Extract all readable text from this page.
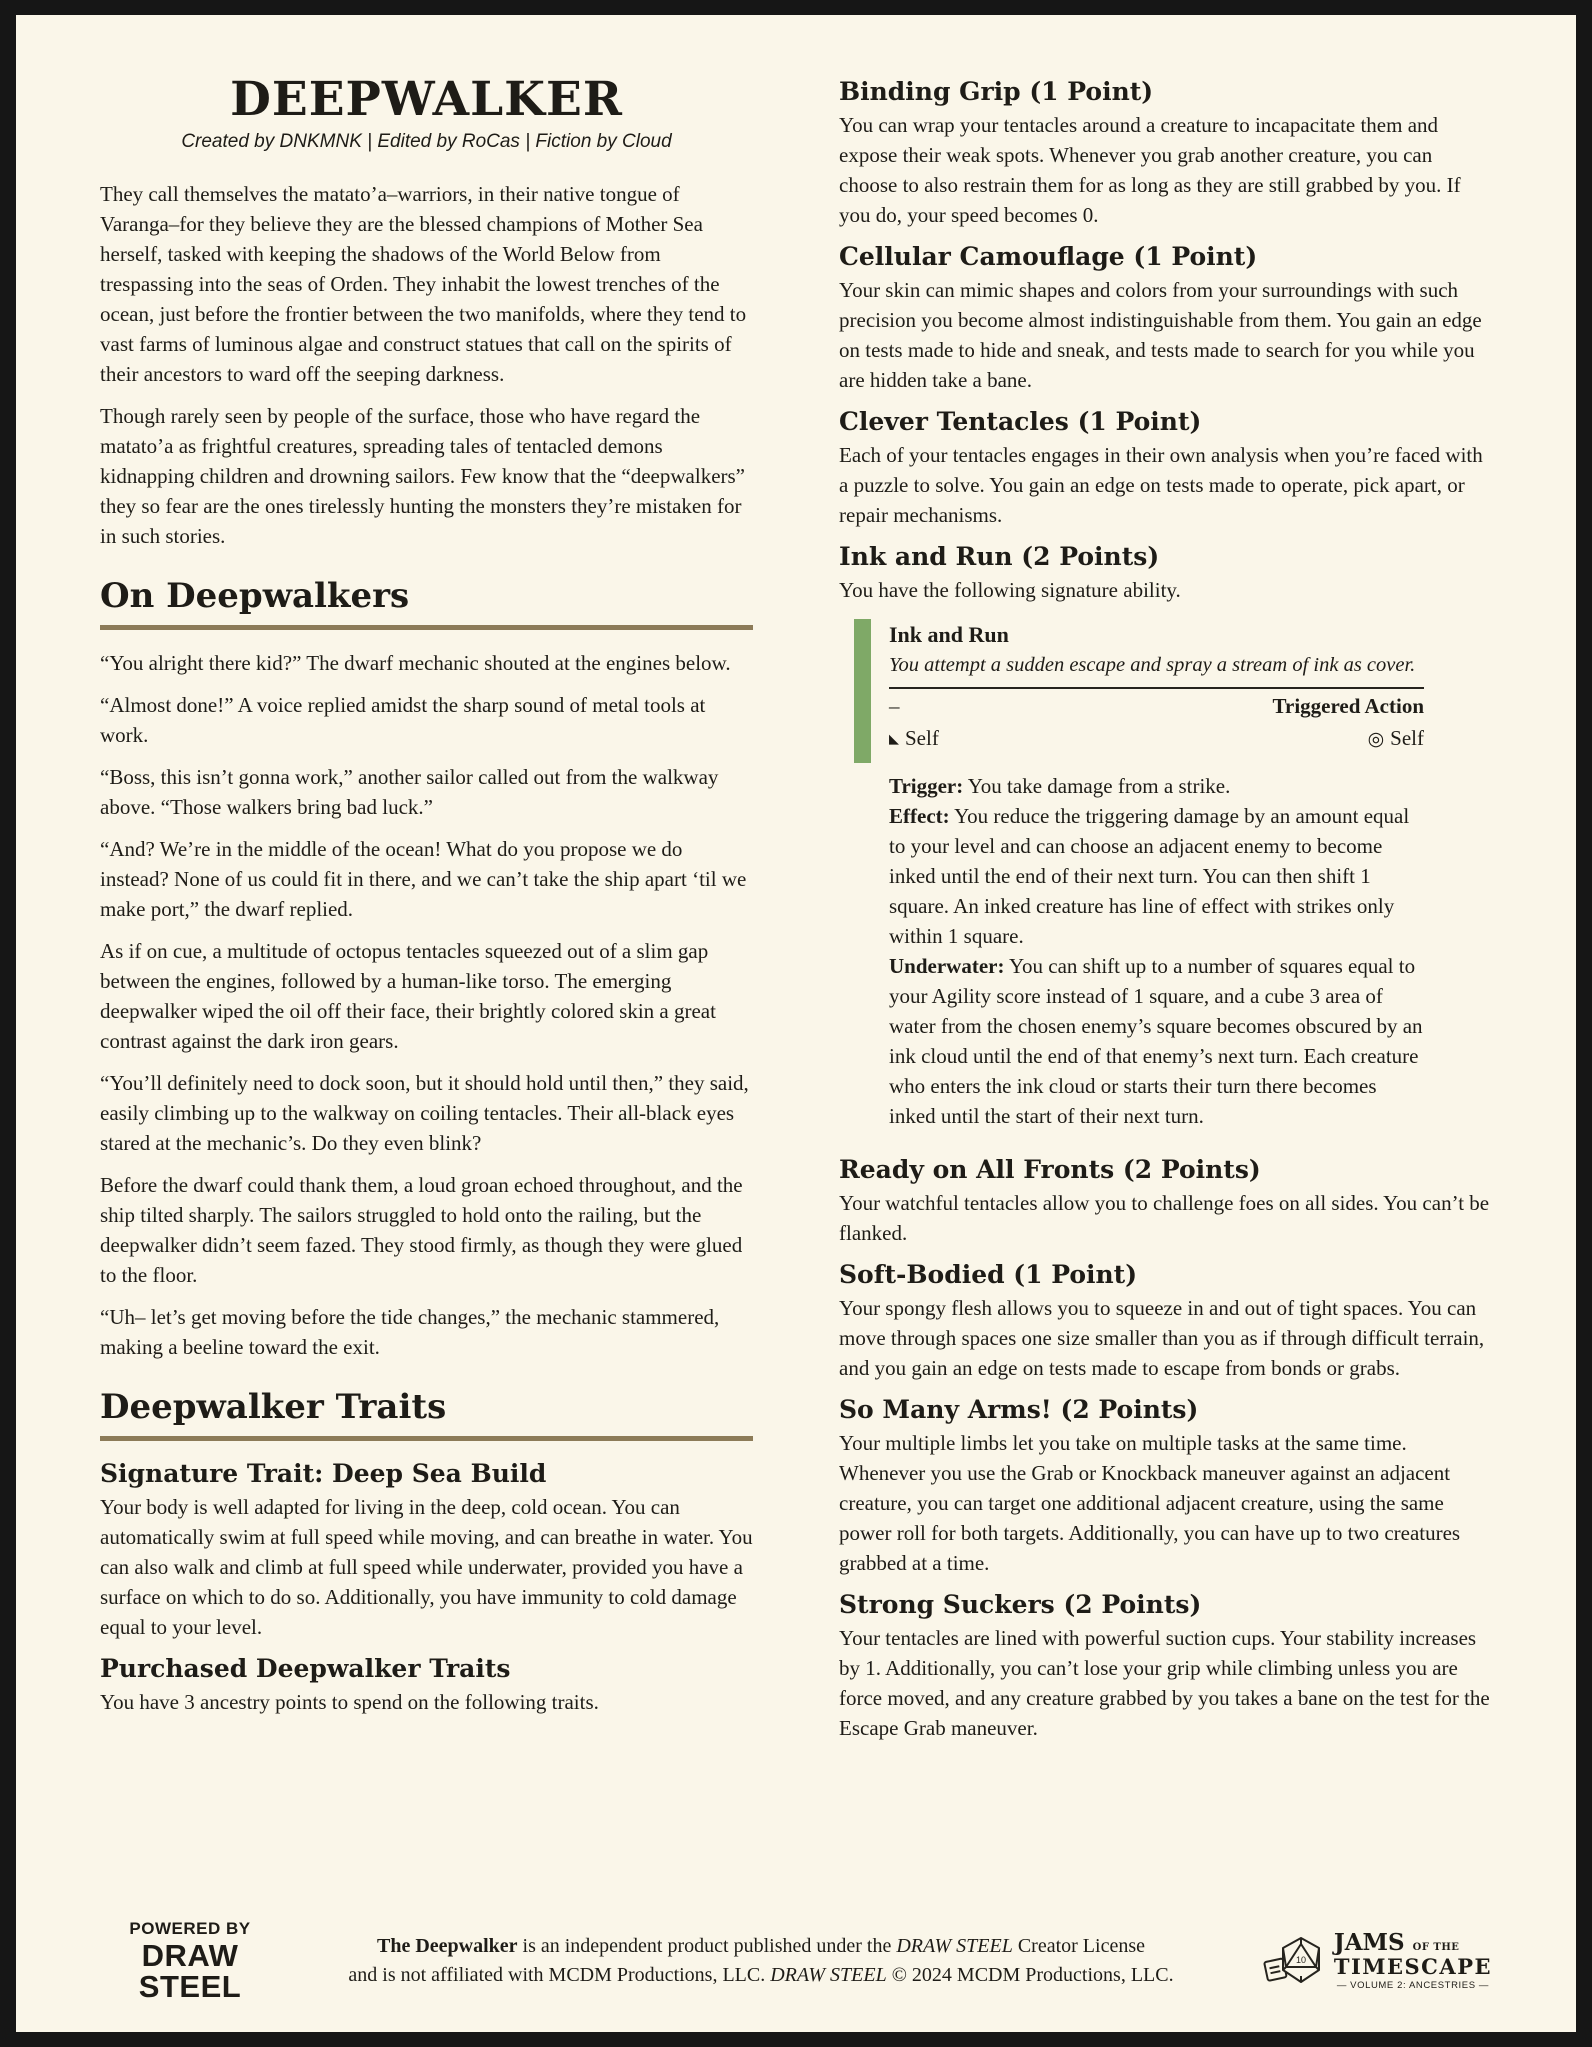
DEEPWALKER
Created by DNKMNK | Edited by RoCas | Fiction by Cloud

They call themselves the matato’a–warriors, in their native tongue of Varanga–for they believe they are the blessed champions of Mother Sea herself, tasked with keeping the shadows of the World Below from trespassing into the seas of Orden. They inhabit the lowest trenches of the ocean, just before the frontier between the two manifolds, where they tend to vast farms of luminous algae and construct statues that call on the spirits of their ancestors to ward off the seeping darkness.

Though rarely seen by people of the surface, those who have regard the matato’a as frightful creatures, spreading tales of tentacled demons kidnapping children and drowning sailors. Few know that the “deepwalkers” they so fear are the ones tirelessly hunting the monsters they’re mistaken for in such stories.

On Deepwalkers

“You alright there kid?” The dwarf mechanic shouted at the engines below.

“Almost done!” A voice replied amidst the sharp sound of metal tools at work.

“Boss, this isn’t gonna work,” another sailor called out from the walkway above. “Those walkers bring bad luck.”

“And? We’re in the middle of the ocean! What do you propose we do instead? None of us could fit in there, and we can’t take the ship apart ‘til we make port,” the dwarf replied.

As if on cue, a multitude of octopus tentacles squeezed out of a slim gap between the engines, followed by a human-like torso. The emerging deepwalker wiped the oil off their face, their brightly colored skin a great contrast against the dark iron gears.

“You’ll definitely need to dock soon, but it should hold until then,” they said, easily climbing up to the walkway on coiling tentacles. Their all-black eyes stared at the mechanic’s. Do they even blink?

Before the dwarf could thank them, a loud groan echoed throughout, and the ship tilted sharply. The sailors struggled to hold onto the railing, but the deepwalker didn’t seem fazed. They stood firmly, as though they were glued to the floor.

“Uh– let’s get moving before the tide changes,” the mechanic stammered, making a beeline toward the exit.

Deepwalker Traits
Signature Trait: Deep Sea Build

Your body is well adapted for living in the deep, cold ocean. You can automatically swim at full speed while moving, and can breathe in water. You can also walk and climb at full speed while underwater, provided you have a surface on which to do so. Additionally, you have immunity to cold damage equal to your level.

Purchased Deepwalker Traits

You have 3 ancestry points to spend on the following traits.

Binding Grip (1 Point)

You can wrap your tentacles around a creature to incapacitate them and expose their weak spots. Whenever you grab another creature, you can choose to also restrain them for as long as they are still grabbed by you. If you do, your speed becomes 0.

Cellular Camouflage (1 Point)

Your skin can mimic shapes and colors from your surroundings with such precision you become almost indistinguishable from them. You gain an edge on tests made to hide and sneak, and tests made to search for you while you are hidden take a bane.

Clever Tentacles (1 Point)

Each of your tentacles engages in their own analysis when you’re faced with a puzzle to solve. You gain an edge on tests made to operate, pick apart, or repair mechanisms.

Ink and Run (2 Points)

You have the following signature ability.

Ink and Run
You attempt a sudden escape and spray a stream of ink as cover.
–	Triggered Action
◣ Self	◎ Self

Trigger: You take damage from a strike.

Effect: You reduce the triggering damage by an amount equal to your level and can choose an adjacent enemy to become inked until the end of their next turn. You can then shift 1 square. An inked creature has line of effect with strikes only within 1 square.

Underwater: You can shift up to a number of squares equal to your Agility score instead of 1 square, and a cube 3 area of water from the chosen enemy’s square becomes obscured by an ink cloud until the end of that enemy’s next turn. Each creature who enters the ink cloud or starts their turn there becomes inked until the start of their next turn.

Ready on All Fronts (2 Points)

Your watchful tentacles allow you to challenge foes on all sides. You can’t be flanked.

Soft-Bodied (1 Point)

Your spongy flesh allows you to squeeze in and out of tight spaces. You can move through spaces one size smaller than you as if through difficult terrain, and you gain an edge on tests made to escape from bonds or grabs.

So Many Arms! (2 Points)

Your multiple limbs let you take on multiple tasks at the same time. Whenever you use the Grab or Knockback maneuver against an adjacent creature, you can target one additional adjacent creature, using the same power roll for both targets. Additionally, you can have up to two creatures grabbed at a time.

Strong Suckers (2 Points)

Your tentacles are lined with powerful suction cups. Your stability increases by 1. Additionally, you can’t lose your grip while climbing unless you are force moved, and any creature grabbed by you takes a bane on the test for the Escape Grab maneuver.

POWERED BY
DRAW STEEL
The Deepwalker is an independent product published under the DRAW STEEL Creator License
and is not affiliated with MCDM Productions, LLC. DRAW STEEL © 2024 MCDM Productions, LLC.
10
JAMS OF THE
TIMESCAPE
— VOLUME 2: ANCESTRIES —
